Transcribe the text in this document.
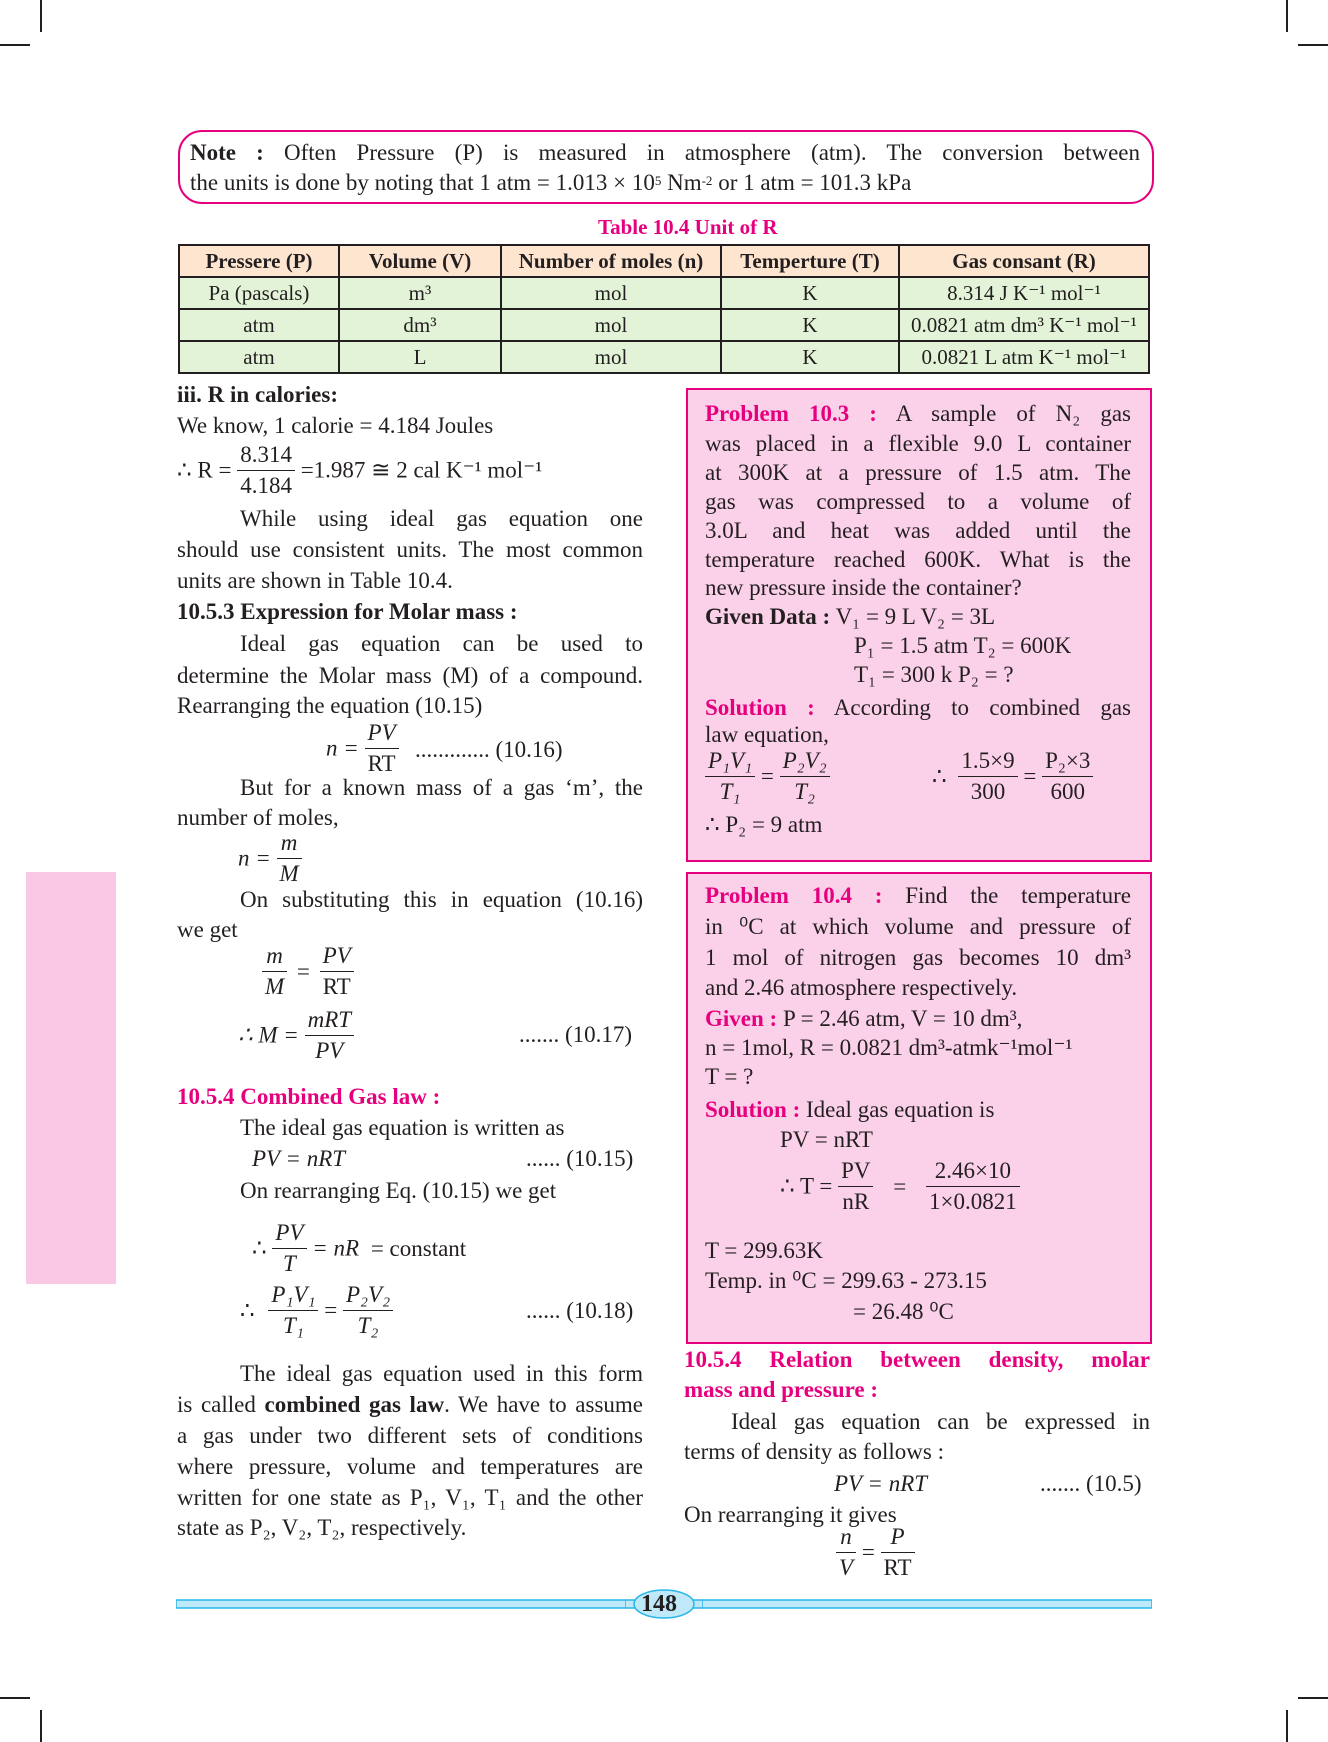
Note : Often Pressure (P) is measured in atmosphere (atm). The conversion between
the units is done by noting that 1 atm = $1.013 \times 10^5$ $Nm^{-2}$ or 1 atm = 101.3 kPa
Table 10.4 Unit of R
Pressere (P)	Volume (V)	Number of moles (n)	Temperture (T)	Gas consant (R)
Pa (pascals)	m³	mol	K	8.314 J K⁻¹ mol⁻¹
atm	dm³	mol	K	0.0821 atm dm³ K⁻¹ mol⁻¹
atm	L	mol	K	0.0821 L atm K⁻¹ mol⁻¹
iii. R in calories:
We know, 1 calorie = 4.184 Joules
∴ $R = \frac{8.314}{4.184} =1.987$ ≅ 2 cal K⁻¹ mol⁻¹
While using ideal gas equation one
should use consistent units. The most common
units are shown in Table 10.4.
10.5.3 Expression for Molar mass :
Ideal gas equation can be used to
determine the Molar mass (M) of a compound.
Rearranging the equation (10.15)
$n = \frac{PV}{RT}$ ............. (10.16)
But for a known mass of a gas ‘m’, the
number of moles,
$n = \frac{m}{M}$
On substituting this in equation (10.16)
we get
$\frac{m}{M} = \frac{PV}{RT}$
∴ $M = \frac{\text{mRT}}{PV}$	....... (10.17)
10.5.4 Combined Gas law :
The ideal gas equation is written as
PV = nRT	...... (10.15)
On rearranging Eq. (10.15) we get
∴ $\frac{PV}{T}$ = nR = constant
∴ $\frac{\text{P₁V₁}}{\text{T₁}} = \frac{\text{P₂V₂}}{\text{T₂}}$	...... (10.18)
The ideal gas equation used in this form
is called combined gas law. We have to assume
a gas under two different sets of conditions
where pressure, volume and temperatures are
written for one state as P₁, V₁, T₁ and the other
state as P₂, V₂, T₂, respectively.
Problem 10.3 : A sample of N₂ gas
was placed in a flexible 9.0 L container
at 300K at a pressure of 1.5 atm. The
gas was compressed to a volume of
3.0L and heat was added until the
temperature reached 600K. What is the
new pressure inside the container?
Given Data : V₁ = 9 L V₂ = 3L
P₁ = 1.5 atm T₂ = 600K
T₁ = 300 k P₂ = ?
Solution : According to combined gas
law equation,
$\frac{\text{P₁V₁}}{\text{T₁}} = \frac{\text{P₂V₂}}{\text{T₂}}$	∴ $\frac{1.5\times 9}{300} = \frac{\text{P₂×3}}{600}$
∴ P₂ = 9 atm
Problem 10.4 : Find the temperature
in ⁰C at which volume and pressure of
1 mol of nitrogen gas becomes 10 dm³
and 2.46 atmosphere respectively.
Given : P = 2.46 atm, V = 10 dm³,
n = 1mol, R = 0.0821 dm³-atmk⁻¹mol⁻¹
T = ?
Solution : Ideal gas equation is
PV = nRT
∴ $T = \frac{PV}{nR} = \frac{2.46\times 10}{1\times 0.0821}$
T = 299.63K
Temp. in ⁰C = 299.63 - 273.15
= 26.48 ⁰C
10.5.4 Relation between density, molar
mass and pressure :
Ideal gas equation can be expressed in
terms of density as follows :
PV = nRT	....... (10.5)
On rearranging it gives
$\frac{n}{V} = \frac{P}{RT}$
148
